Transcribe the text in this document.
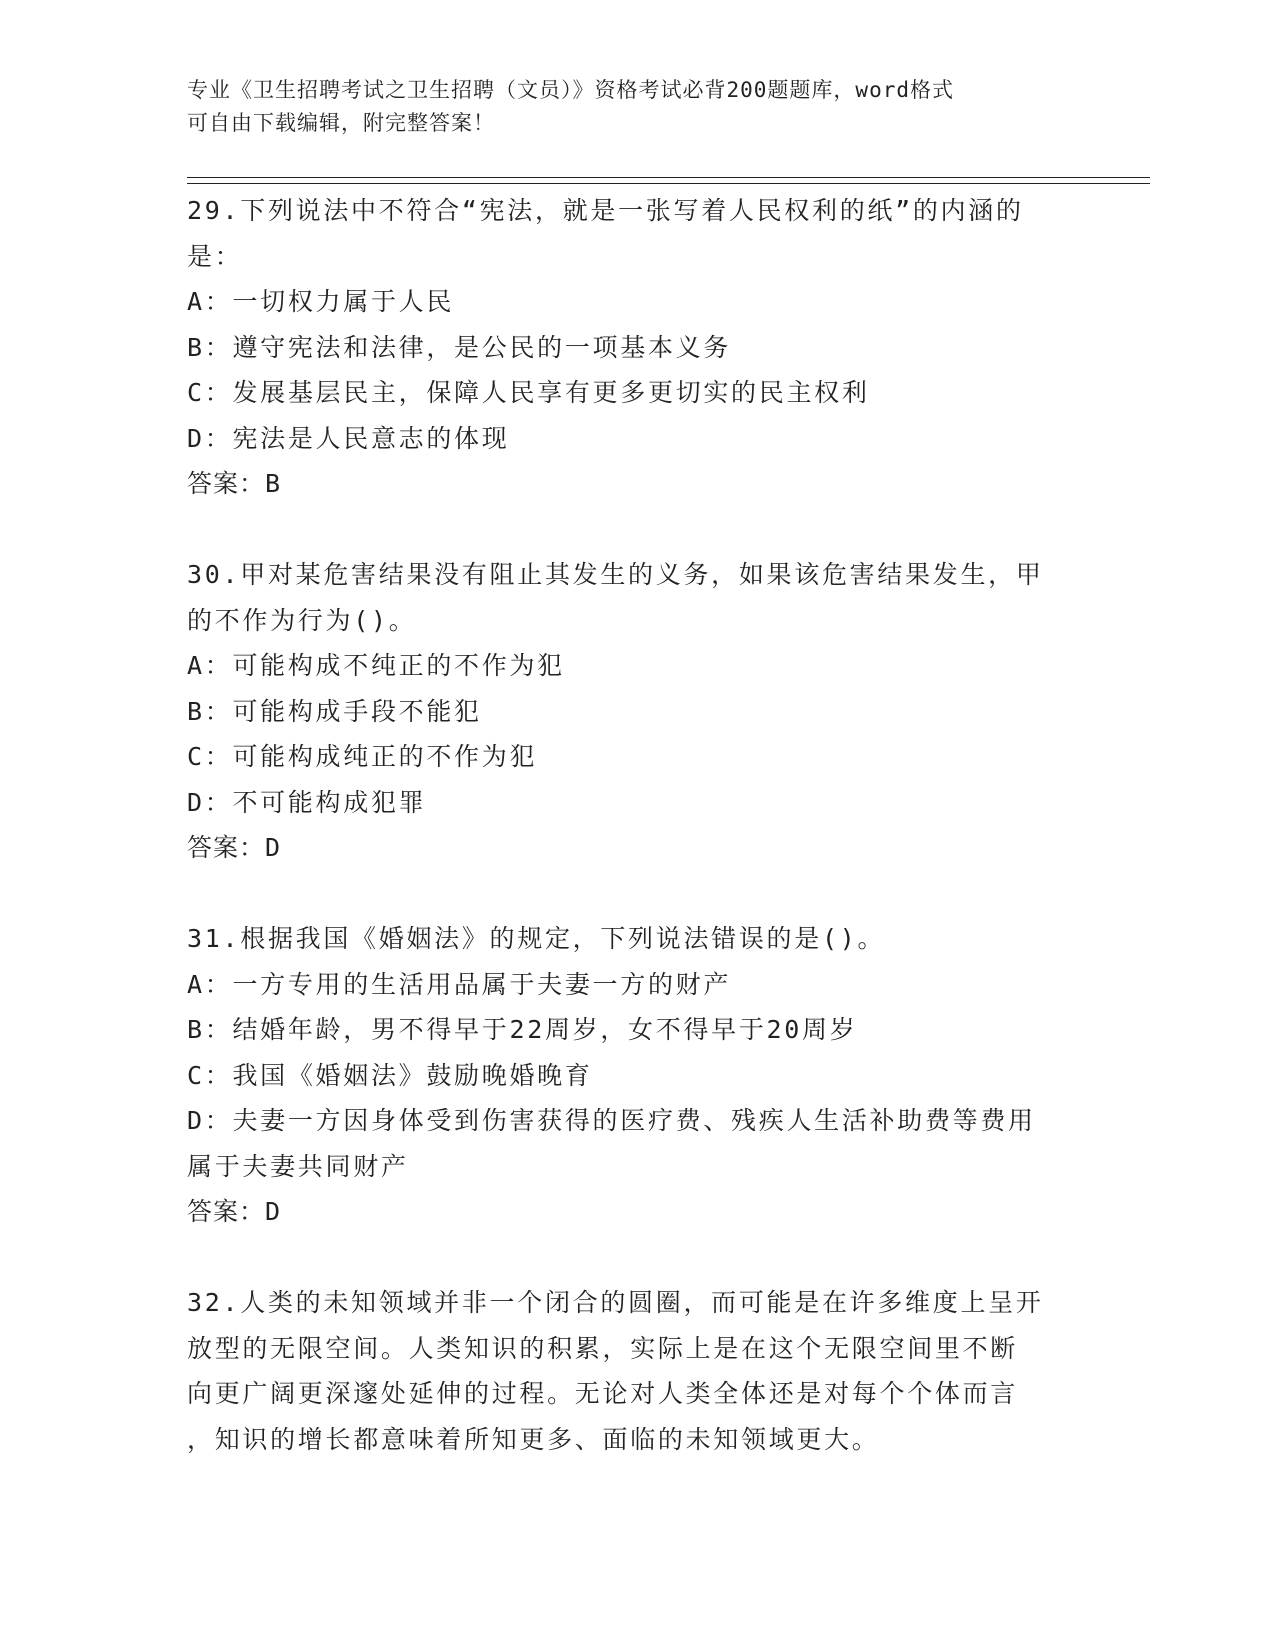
专业《卫生招聘考试之卫生招聘（文员）》资格考试必背200题题库，word格式
可自由下载编辑，附完整答案！
29.下列说法中不符合“宪法，就是一张写着人民权利的纸”的内涵的
是：
A：一切权力属于人民
B：遵守宪法和法律，是公民的一项基本义务
C：发展基层民主，保障人民享有更多更切实的民主权利
D：宪法是人民意志的体现
答案：B
30.甲对某危害结果没有阻止其发生的义务，如果该危害结果发生，甲
的不作为行为()。
A：可能构成不纯正的不作为犯
B：可能构成手段不能犯
C：可能构成纯正的不作为犯
D：不可能构成犯罪
答案：D
31.根据我国《婚姻法》的规定，下列说法错误的是()。
A：一方专用的生活用品属于夫妻一方的财产
B：结婚年龄，男不得早于22周岁，女不得早于20周岁
C：我国《婚姻法》鼓励晚婚晚育
D：夫妻一方因身体受到伤害获得的医疗费、残疾人生活补助费等费用
属于夫妻共同财产
答案：D
32.人类的未知领域并非一个闭合的圆圈，而可能是在许多维度上呈开
放型的无限空间。人类知识的积累，实际上是在这个无限空间里不断
向更广阔更深邃处延伸的过程。无论对人类全体还是对每个个体而言
，知识的增长都意味着所知更多、面临的未知领域更大。
